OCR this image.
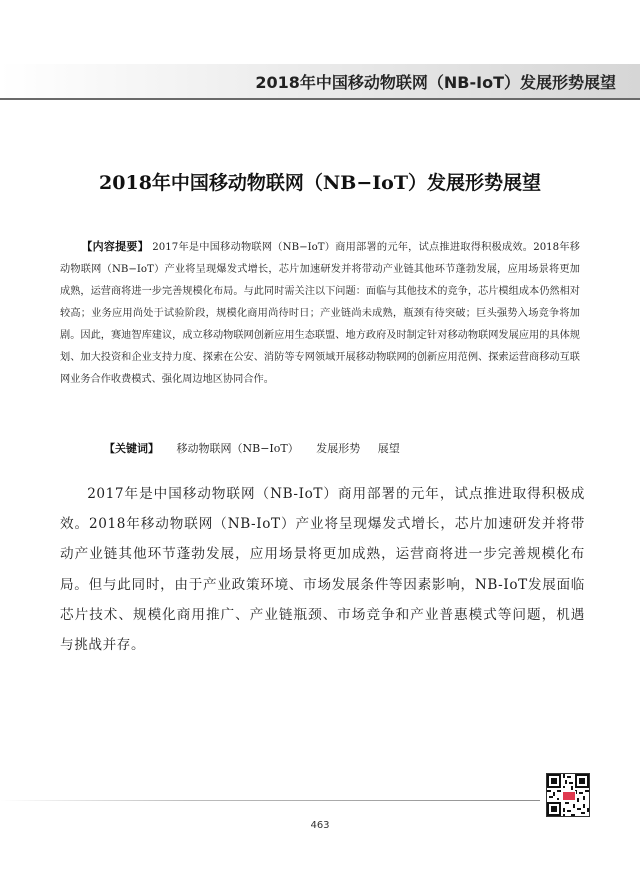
2018年中国移动物联网（NB-IoT）发展形势展望
2018年中国移动物联网（NB−IoT）发展形势展望
【内容提要】 2017年是中国移动物联网（NB−IoT）商用部署的元年，试点推进取得积极成效。2018年移动物联网（NB−IoT）产业将呈现爆发式增长，芯片加速研发并将带动产业链其他环节蓬勃发展，应用场景将更加成熟，运营商将进一步完善规模化布局。与此同时需关注以下问题：面临与其他技术的竞争，芯片模组成本仍然相对较高；业务应用尚处于试验阶段，规模化商用尚待时日；产业链尚未成熟，瓶颈有待突破；巨头强势入场竞争将加剧。因此，赛迪智库建议，成立移动物联网创新应用生态联盟、地方政府及时制定针对移动物联网发展应用的具体规划、加大投资和企业支持力度、探索在公安、消防等专网领域开展移动物联网的创新应用范例、探索运营商移动互联网业务合作收费模式、强化周边地区协同合作。
【关键词】 移动物联网（NB−IoT） 发展形势 展望
2017年是中国移动物联网（NB-IoT）商用部署的元年，试点推进取得积极成效。2018年移动物联网（NB-IoT）产业将呈现爆发式增长，芯片加速研发并将带动产业链其他环节蓬勃发展，应用场景将更加成熟，运营商将进一步完善规模化布局。但与此同时，由于产业政策环境、市场发展条件等因素影响，NB-IoT发展面临芯片技术、规模化商用推广、产业链瓶颈、市场竞争和产业普惠模式等问题，机遇与挑战并存。
463
